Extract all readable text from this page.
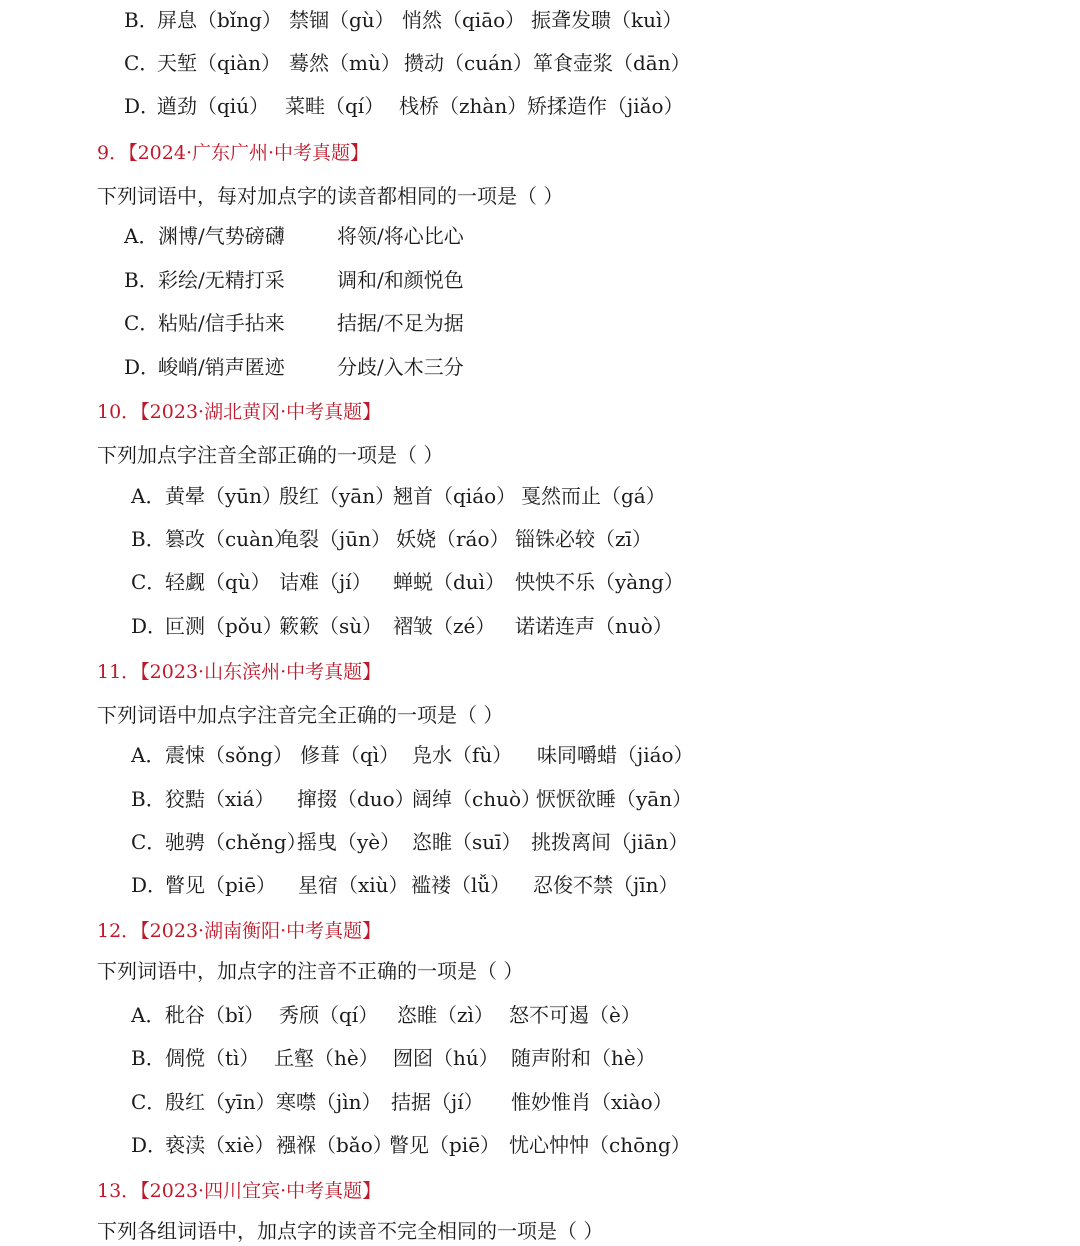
B．
屏息（bǐng） 禁锢（gù） 悄然（qiāo） 振聋发聩（kuì）
C．
天堑（qiàn） 蓦然（mù） 攒动（cuán） 箪食壶浆（dān）
D．
遒劲（qiú） 菜畦（qí） 栈桥（zhàn） 矫揉造作（jiǎo）
9．【2024·广东广州·中考真题】
下列词语中，每对加点字的读音都相同的一项是（ ）
A． 渊博/气势磅礴	将领/将心比心
B． 彩绘/无精打采	调和/和颜悦色
C．
粘贴/信手拈来	拮据/不足为据
D．
峻峭/销声匿迹	分歧/入木三分
10．【2023·湖北黄冈·中考真题】
下列加点字注音全部正确的一项是（ ）
A． 黄晕（yūn）
殷红（yān）
翘首（qiáo） 戛然而止（gá）
B． 篡改（cuàn）
龟裂（jūn） 妖娆（ráo） 锱铢必较（zī）
C．
轻觑（qù） 诘难（jí） 蝉蜕（duì） 怏怏不乐（yàng）
D．
叵测（pǒu）
簌簌（sù） 褶皱（zé） 诺诺连声（nuò）
11．【2023·山东滨州·中考真题】
下列词语中加点字注音完全正确的一项是（ ）
A． 震悚（sǒng） 修葺（qì） 凫水（fù） 味同嚼蜡（jiáo）
B． 狡黠（xiá） 撺掇（duo）
阔绰（chuò）
恹恹欲睡（yān）
C．
驰骋（chěng）
摇曳（yè） 恣睢（suī） 挑拨离间（jiān）
D．
瞥见（piē） 星宿（xiù） 褴褛（lǚ） 忍俊不禁（jīn）
12．【2023·湖南衡阳·中考真题】
下列词语中，加点字的注音不正确的一项是（ ）
A． 秕谷（bǐ） 秀颀（qí） 恣睢（zì） 怒不可遏（è）
B． 倜傥（tì） 丘壑（hè） 囫囵（hú） 随声附和（hè）
C．
殷红（yīn） 寒噤（jìn） 拮据（jí） 惟妙惟肖（xiào）
D．
亵渎（xiè） 襁褓（bǎo）
瞥见（piē） 忧心忡忡（chōng）
13．【2023·四川宜宾·中考真题】
下列各组词语中，加点字的读音不完全相同的一项是（ ）
